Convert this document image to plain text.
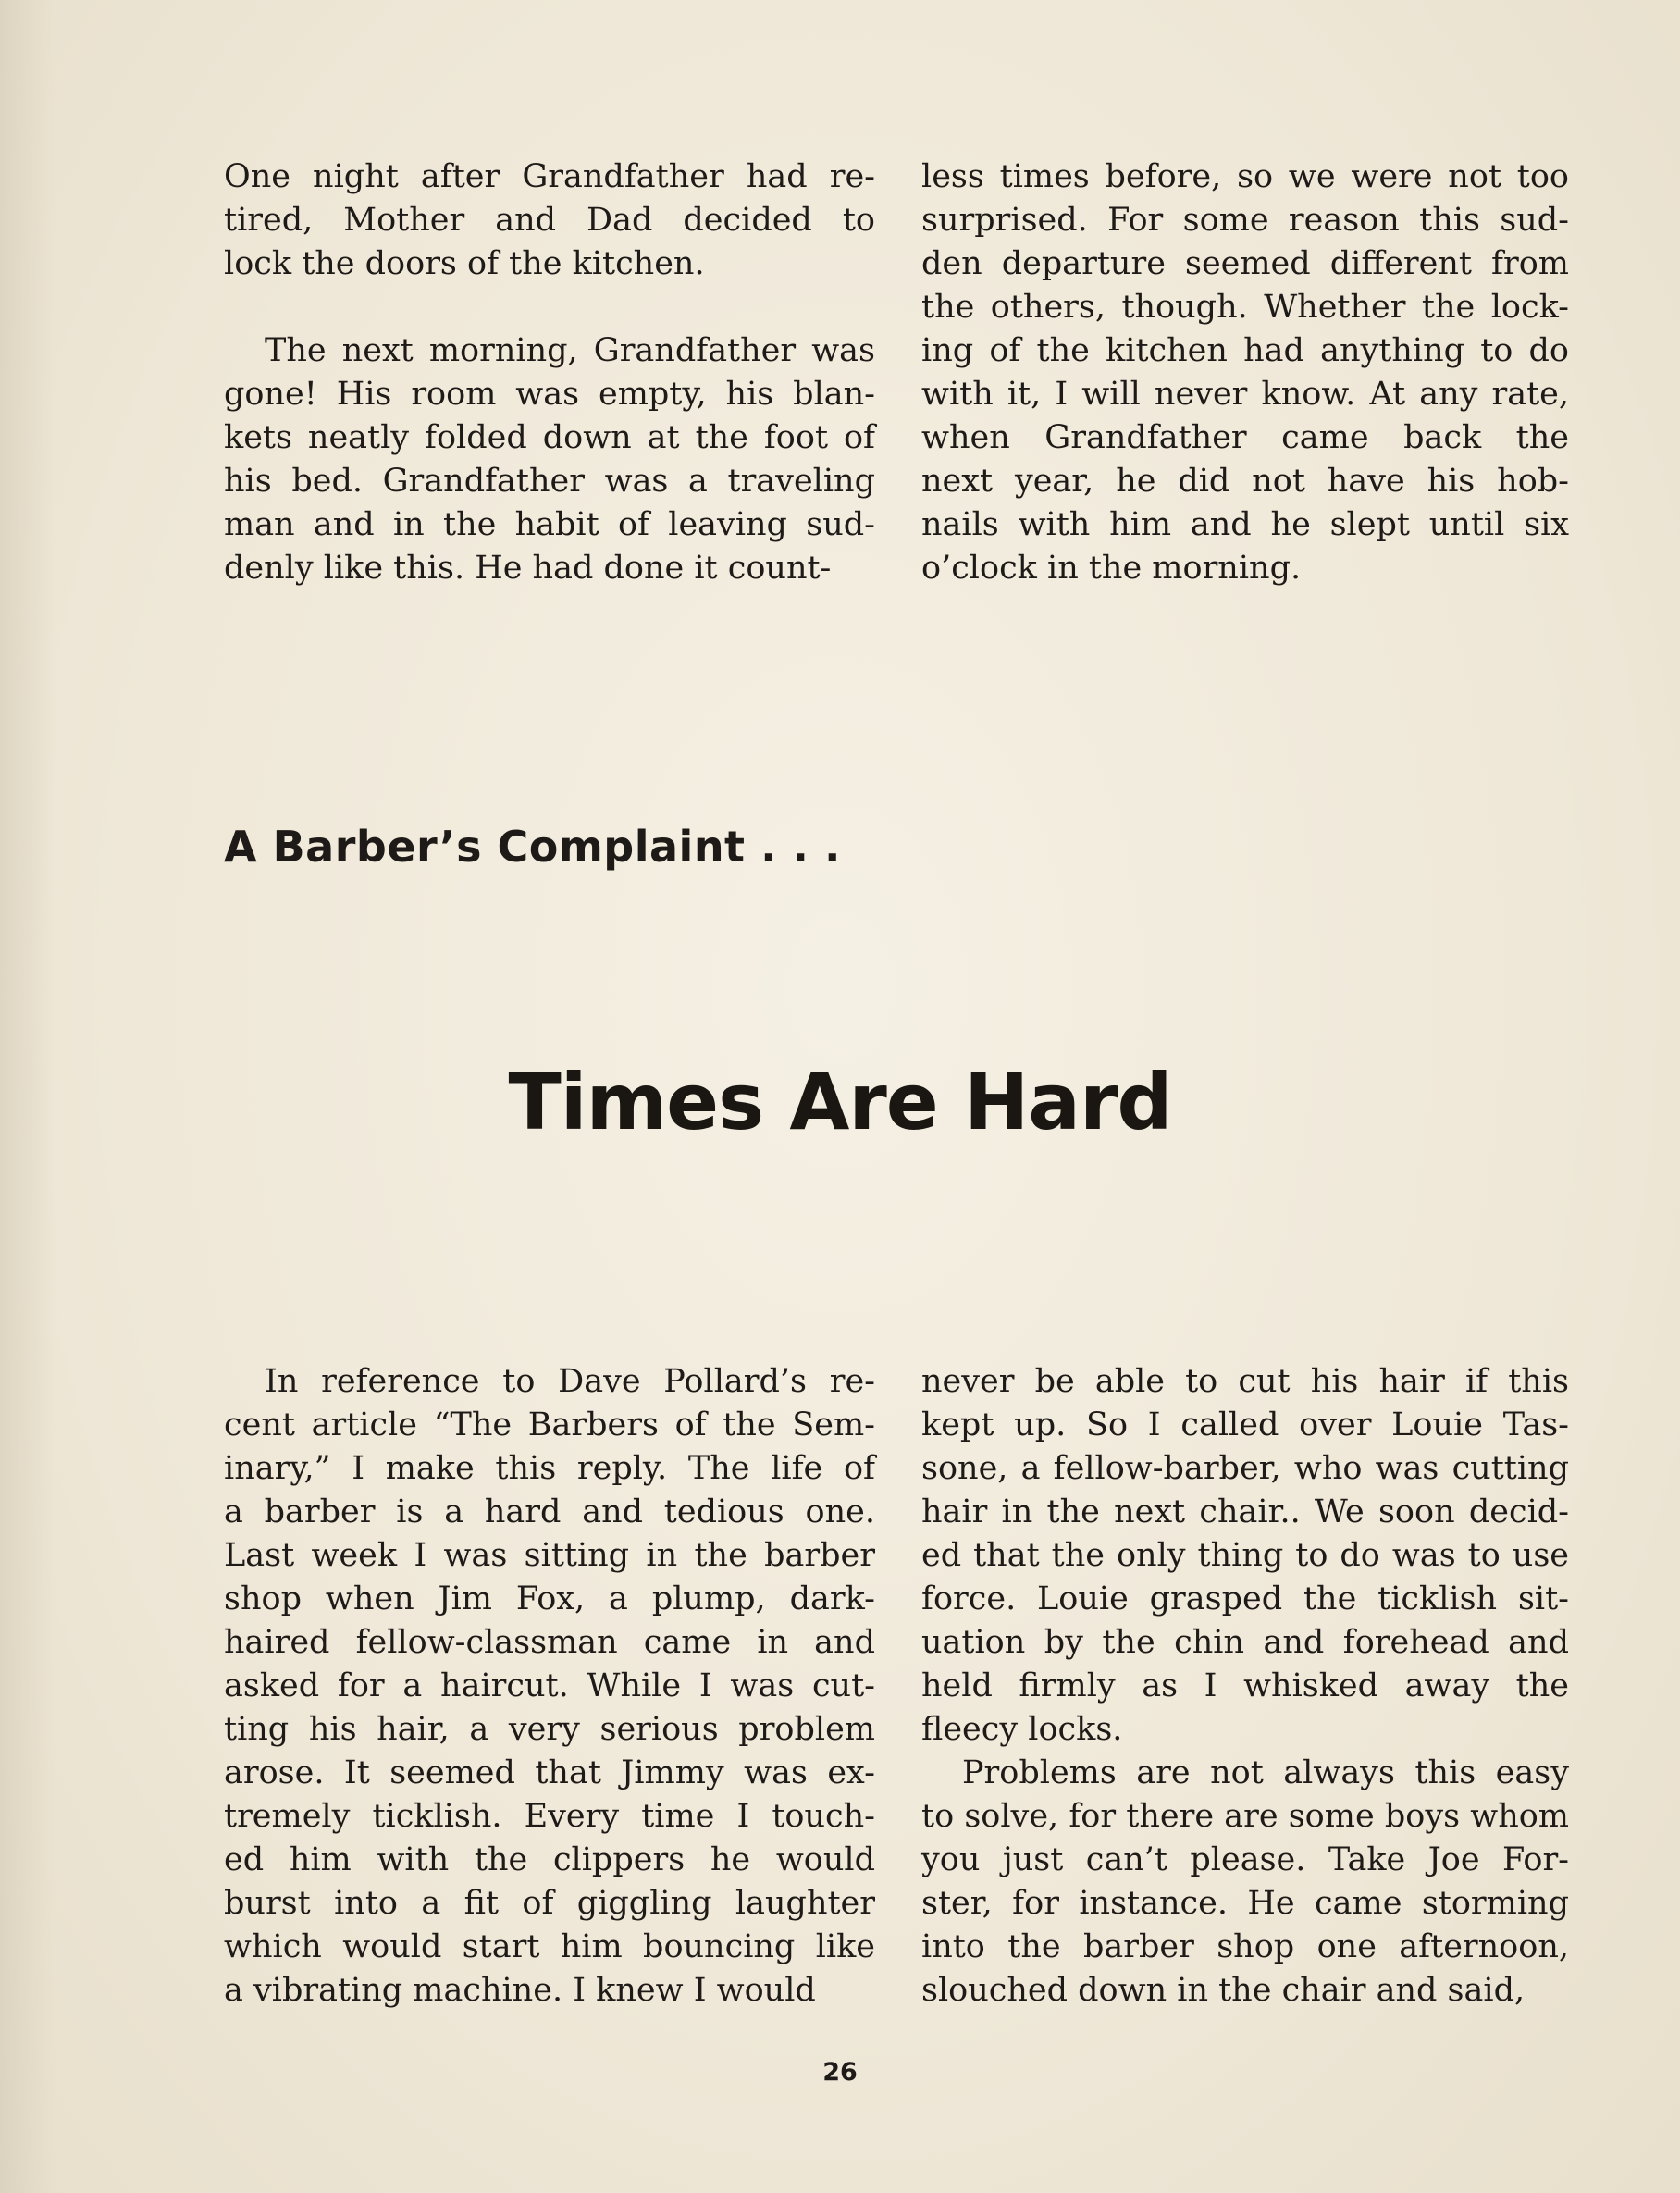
One night after Grandfather had re-
tired, Mother and Dad decided to
lock the doors of the kitchen.

The next morning, Grandfather was
gone! His room was empty, his blan-
kets neatly folded down at the foot of
his bed. Grandfather was a traveling
man and in the habit of leaving sud-
denly like this. He had done it count-

less times before, so we were not too
surprised. For some reason this sud-
den departure seemed different from
the others, though. Whether the lock-
ing of the kitchen had anything to do
with it, I will never know. At any rate,
when Grandfather came back the
next year, he did not have his hob-
nails with him and he slept until six
o’clock in the morning.

A Barber’s Complaint . . .
Times Are Hard

In reference to Dave Pollard’s re-
cent article “The Barbers of the Sem-
inary,” I make this reply. The life of
a barber is a hard and tedious one.
Last week I was sitting in the barber
shop when Jim Fox, a plump, dark-
haired fellow-classman came in and
asked for a haircut. While I was cut-
ting his hair, a very serious problem
arose. It seemed that Jimmy was ex-
tremely ticklish. Every time I touch-
ed him with the clippers he would
burst into a fit of giggling laughter
which would start him bouncing like
a vibrating machine. I knew I would

never be able to cut his hair if this
kept up. So I called over Louie Tas-
sone, a fellow-barber, who was cutting
hair in the next chair.. We soon decid-
ed that the only thing to do was to use
force. Louie grasped the ticklish sit-
uation by the chin and forehead and
held firmly as I whisked away the
fleecy locks.

Problems are not always this easy
to solve, for there are some boys whom
you just can’t please. Take Joe For-
ster, for instance. He came storming
into the barber shop one afternoon,
slouched down in the chair and said,

26
